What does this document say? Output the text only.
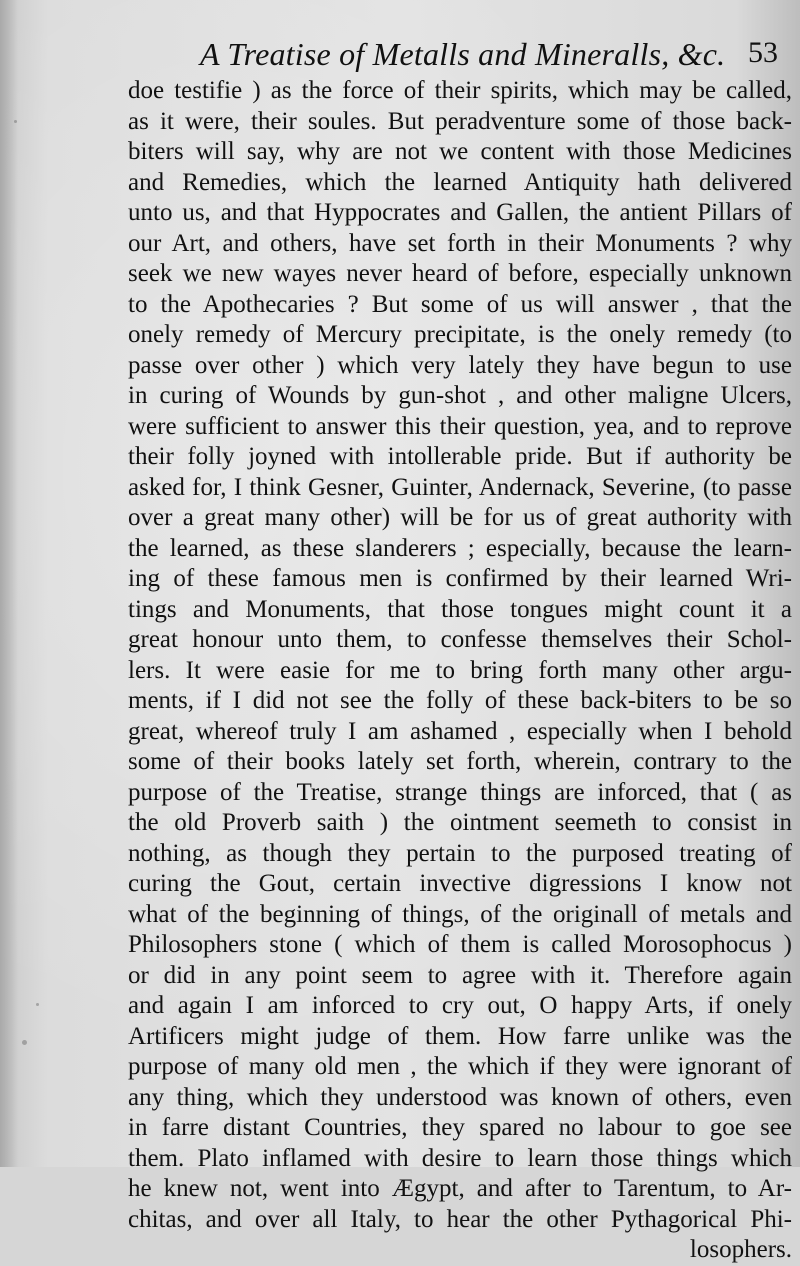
A Treatise of Metalls and Mineralls, &c. 53
doe testifie ) as the force of their spirits, which may be called,
as it were, their soules. But peradventure some of those back-
biters will say, why are not we content with those Medicines
and Remedies, which the learned Antiquity hath delivered
unto us, and that Hyppocrates and Gallen, the antient Pillars of
our Art, and others, have set forth in their Monuments ? why
seek we new wayes never heard of before, especially unknown
to the Apothecaries ? But some of us will answer , that the
onely remedy of Mercury precipitate, is the onely remedy (to
passe over other ) which very lately they have begun to use
in curing of Wounds by gun-shot , and other maligne Ulcers,
were sufficient to answer this their question, yea, and to reprove
their folly joyned with intollerable pride. But if authority be
asked for, I think Gesner, Guinter, Andernack, Severine, (to passe
over a great many other) will be for us of great authority with
the learned, as these slanderers ; especially, because the learn-
ing of these famous men is confirmed by their learned Wri-
tings and Monuments, that those tongues might count it a
great honour unto them, to confesse themselves their Schol-
lers. It were easie for me to bring forth many other argu-
ments, if I did not see the folly of these back-biters to be so
great, whereof truly I am ashamed , especially when I behold
some of their books lately set forth, wherein, contrary to the
purpose of the Treatise, strange things are inforced, that ( as
the old Proverb saith ) the ointment seemeth to consist in
nothing, as though they pertain to the purposed treating of
curing the Gout, certain invective digressions I know not
what of the beginning of things, of the originall of metals and
Philosophers stone ( which of them is called Morosophocus )
or did in any point seem to agree with it. Therefore again
and again I am inforced to cry out, O happy Arts, if onely
Artificers might judge of them. How farre unlike was the
purpose of many old men , the which if they were ignorant of
any thing, which they understood was known of others, even
in farre distant Countries, they spared no labour to goe see
them. Plato inflamed with desire to learn those things which
he knew not, went into Ægypt, and after to Tarentum, to Ar-
chitas, and over all Italy, to hear the other Pythagorical Phi-
losophers.
